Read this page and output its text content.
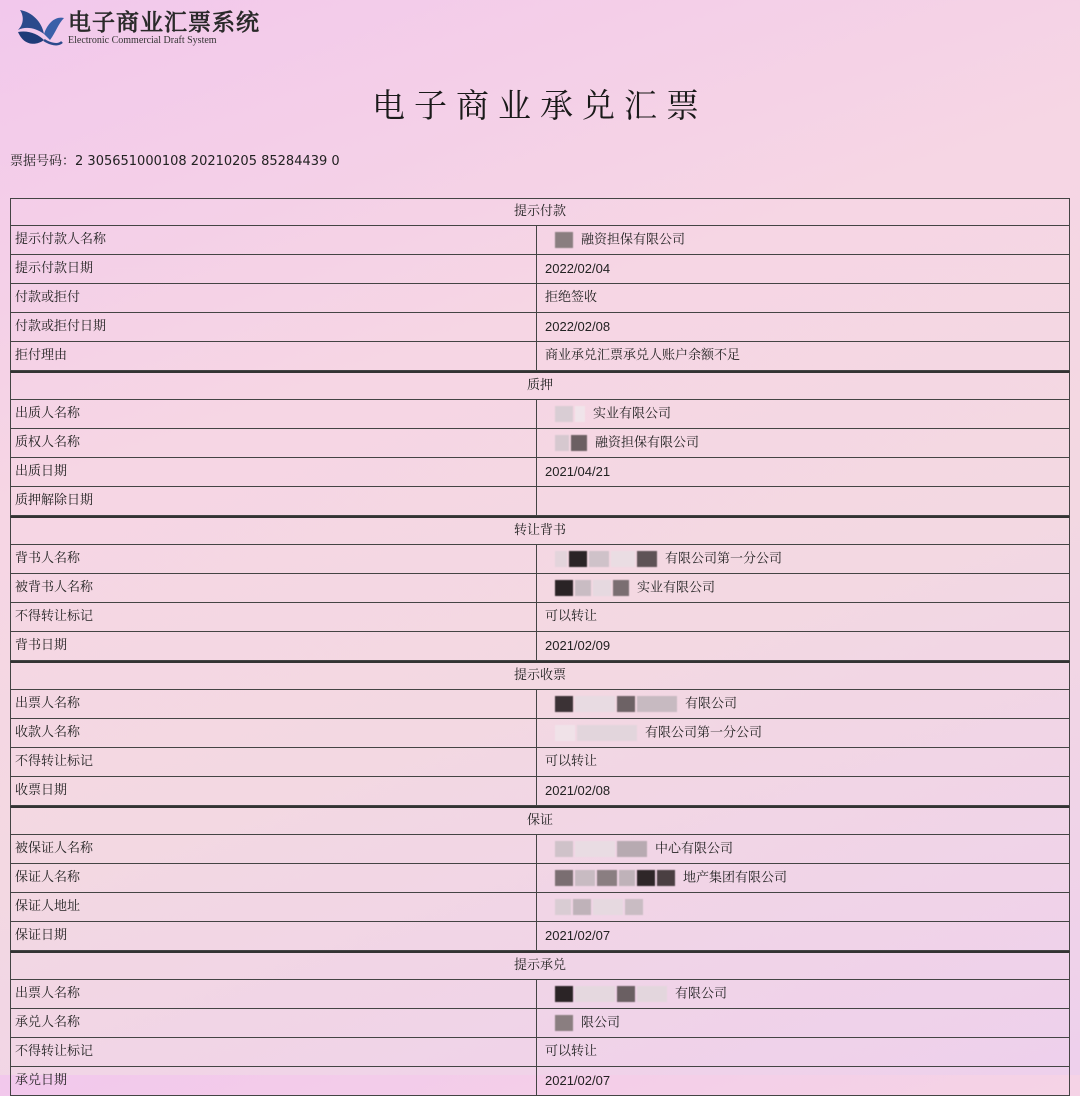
电子商业汇票系统
Electronic Commercial Draft System
电子商业承兑汇票
票据号码：2 305651000108 20210205 85284439 0
提示付款
提示付款人名称	融资担保有限公司
提示付款日期	2022/02/04
付款或拒付	拒绝签收
付款或拒付日期	2022/02/08
拒付理由	商业承兑汇票承兑人账户余额不足
质押
出质人名称	实业有限公司
质权人名称	融资担保有限公司
出质日期	2021/04/21
质押解除日期
转让背书
背书人名称	有限公司第一分公司
被背书人名称	实业有限公司
不得转让标记	可以转让
背书日期	2021/02/09
提示收票
出票人名称	有限公司
收款人名称	有限公司第一分公司
不得转让标记	可以转让
收票日期	2021/02/08
保证
被保证人名称	中心有限公司
保证人名称	地产集团有限公司
保证人地址
保证日期	2021/02/07
提示承兑
出票人名称	有限公司
承兑人名称	限公司
不得转让标记	可以转让
承兑日期	2021/02/07
